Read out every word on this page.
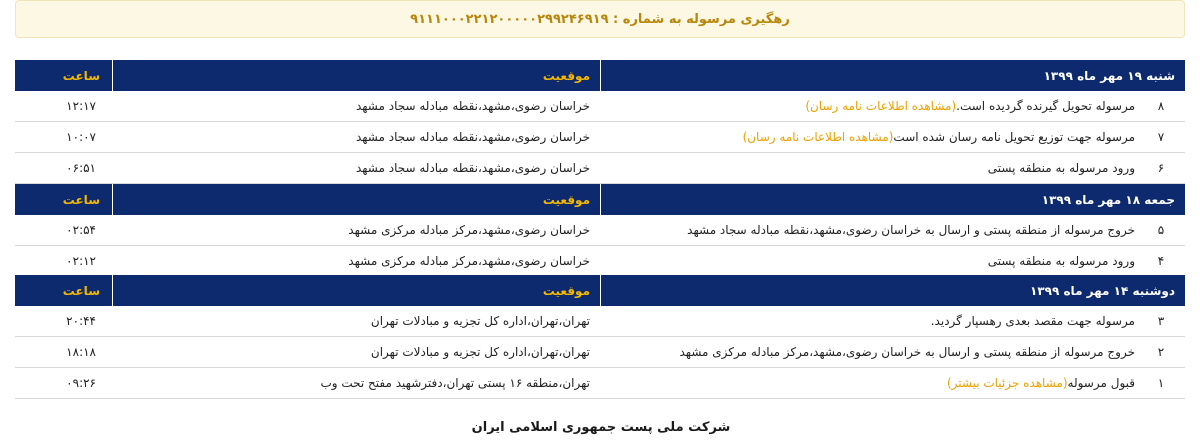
رهگیری مرسوله به شماره : ۹۱۱۱۰۰۰۲۲۱۲۰۰۰۰۰۲۹۹۲۴۶۹۱۹
شنبه ۱۹ مهر ماه ۱۳۹۹
موقعیت
ساعت
۸
مرسوله تحویل گیرنده گردیده است.
(مشاهده اطلاعات نامه رسان)
خراسان رضوی،مشهد،نقطه مبادله سجاد مشهد
۱۲:۱۷
۷
مرسوله جهت توزیع تحویل نامه رسان شده است
(مشاهده اطلاعات نامه رسان)
خراسان رضوی،مشهد،نقطه مبادله سجاد مشهد
۱۰:۰۷
۶
ورود مرسوله به منطقه پستی
خراسان رضوی،مشهد،نقطه مبادله سجاد مشهد
۰۶:۵۱
جمعه ۱۸ مهر ماه ۱۳۹۹
موقعیت
ساعت
۵
خروج مرسوله از منطقه پستی و ارسال به خراسان رضوی،مشهد،نقطه مبادله سجاد مشهد
خراسان رضوی،مشهد،مرکز مبادله مرکزی مشهد
۰۲:۵۴
۴
ورود مرسوله به منطقه پستی
خراسان رضوی،مشهد،مرکز مبادله مرکزی مشهد
۰۲:۱۲
دوشنبه ۱۴ مهر ماه ۱۳۹۹
موقعیت
ساعت
۳
مرسوله جهت مقصد بعدی رهسپار گردید.
تهران،تهران،اداره کل تجزیه و مبادلات تهران
۲۰:۴۴
۲
خروج مرسوله از منطقه پستی و ارسال به خراسان رضوی،مشهد،مرکز مبادله مرکزی مشهد
تهران،تهران،اداره کل تجزیه و مبادلات تهران
۱۸:۱۸
۱
قبول مرسوله
(مشاهده جزئیات بیشتر)
تهران،منطقه ۱۶ پستی تهران،دفترشهید مفتح تحت وب
۰۹:۲۶
شرکت ملی پست جمهوری اسلامی ایران
